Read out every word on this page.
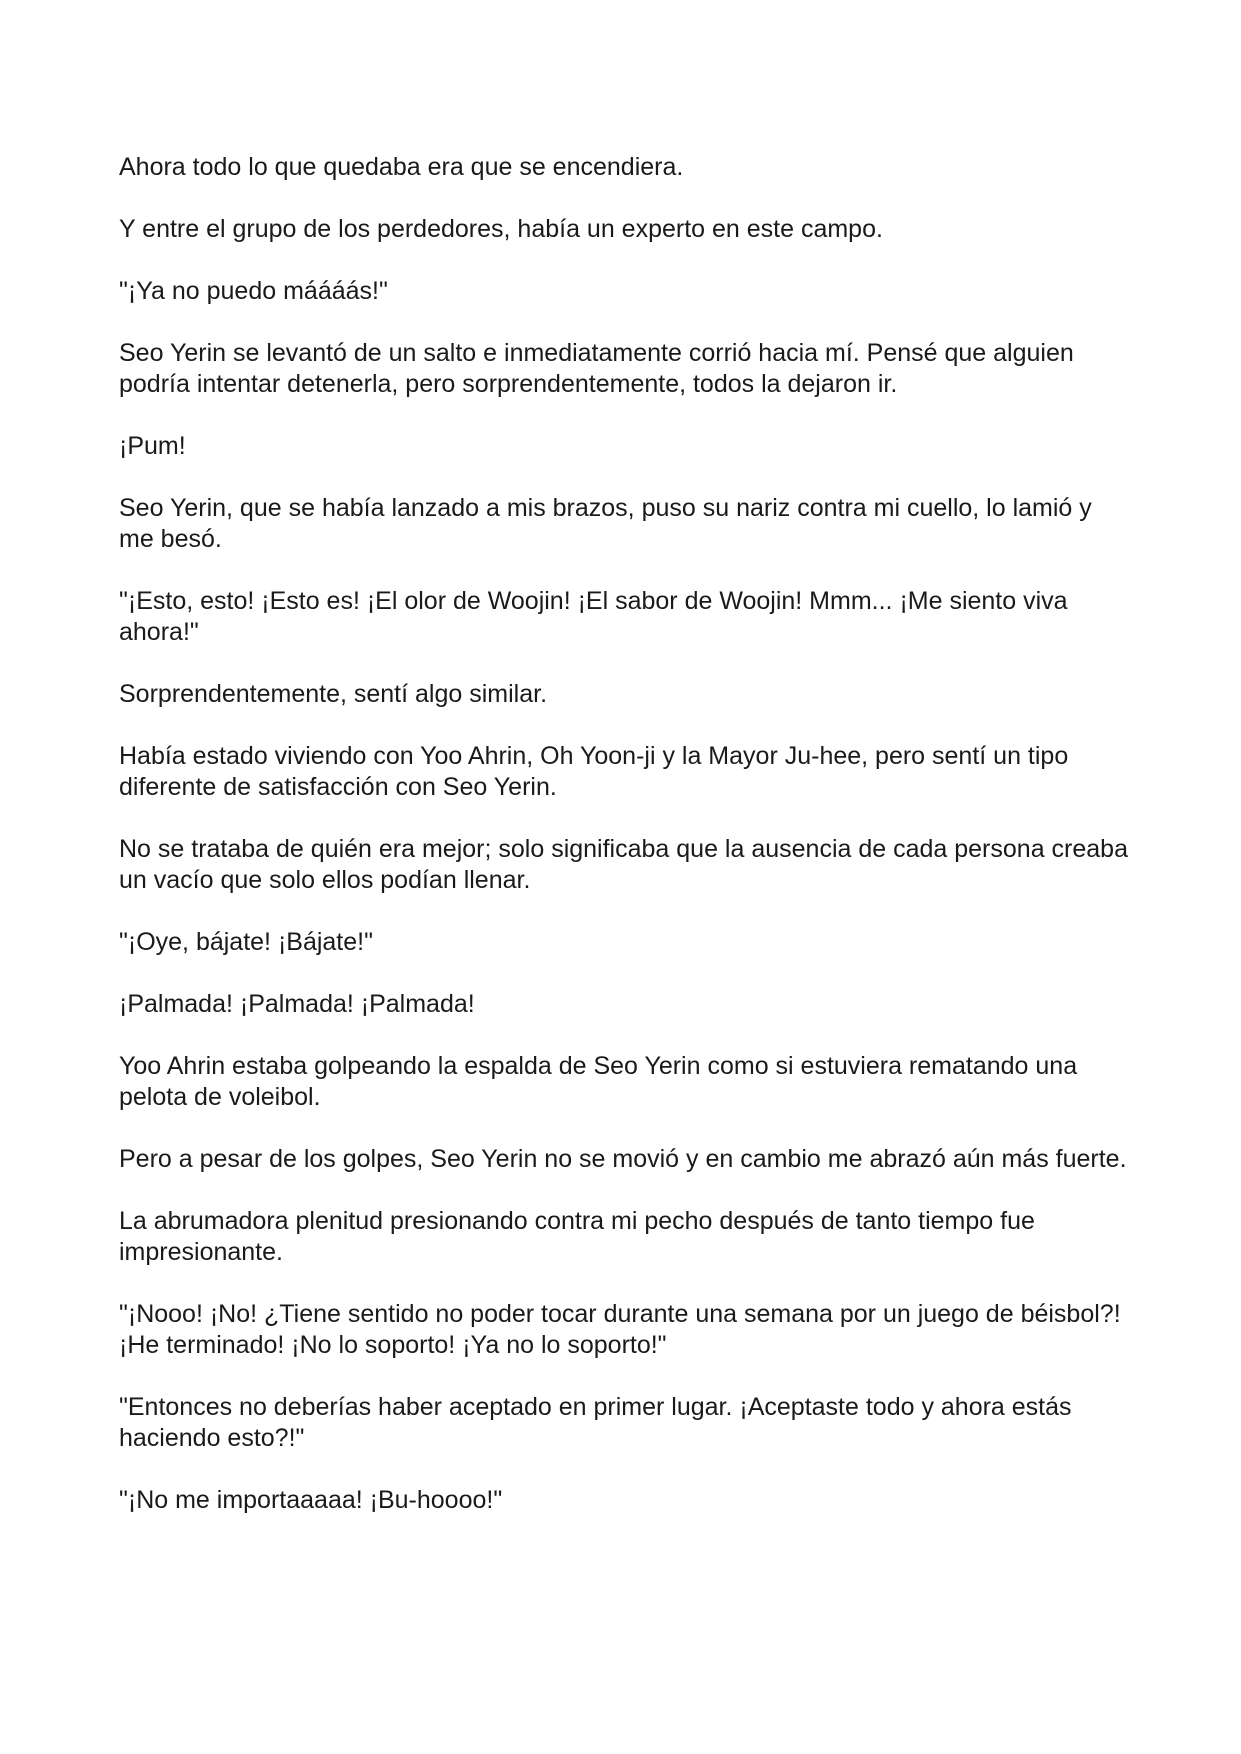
Ahora todo lo que quedaba era que se encendiera.

Y entre el grupo de los perdedores, había un experto en este campo.

"¡Ya no puedo máááás!"

Seo Yerin se levantó de un salto e inmediatamente corrió hacia mí. Pensé que alguien podría intentar detenerla, pero sorprendentemente, todos la dejaron ir.

¡Pum!

Seo Yerin, que se había lanzado a mis brazos, puso su nariz contra mi cuello, lo lamió y me besó.

"¡Esto, esto! ¡Esto es! ¡El olor de Woojin! ¡El sabor de Woojin! Mmm... ¡Me siento viva ahora!"

Sorprendentemente, sentí algo similar.

Había estado viviendo con Yoo Ahrin, Oh Yoon-ji y la Mayor Ju-hee, pero sentí un tipo diferente de satisfacción con Seo Yerin.

No se trataba de quién era mejor; solo significaba que la ausencia de cada persona creaba un vacío que solo ellos podían llenar.

"¡Oye, bájate! ¡Bájate!"

¡Palmada! ¡Palmada! ¡Palmada!

Yoo Ahrin estaba golpeando la espalda de Seo Yerin como si estuviera rematando una pelota de voleibol.

Pero a pesar de los golpes, Seo Yerin no se movió y en cambio me abrazó aún más fuerte.

La abrumadora plenitud presionando contra mi pecho después de tanto tiempo fue impresionante.

"¡Nooo! ¡No! ¿Tiene sentido no poder tocar durante una semana por un juego de béisbol?! ¡He terminado! ¡No lo soporto! ¡Ya no lo soporto!"

"Entonces no deberías haber aceptado en primer lugar. ¡Aceptaste todo y ahora estás haciendo esto?!"

"¡No me importaaaaa! ¡Bu-hoooo!"
